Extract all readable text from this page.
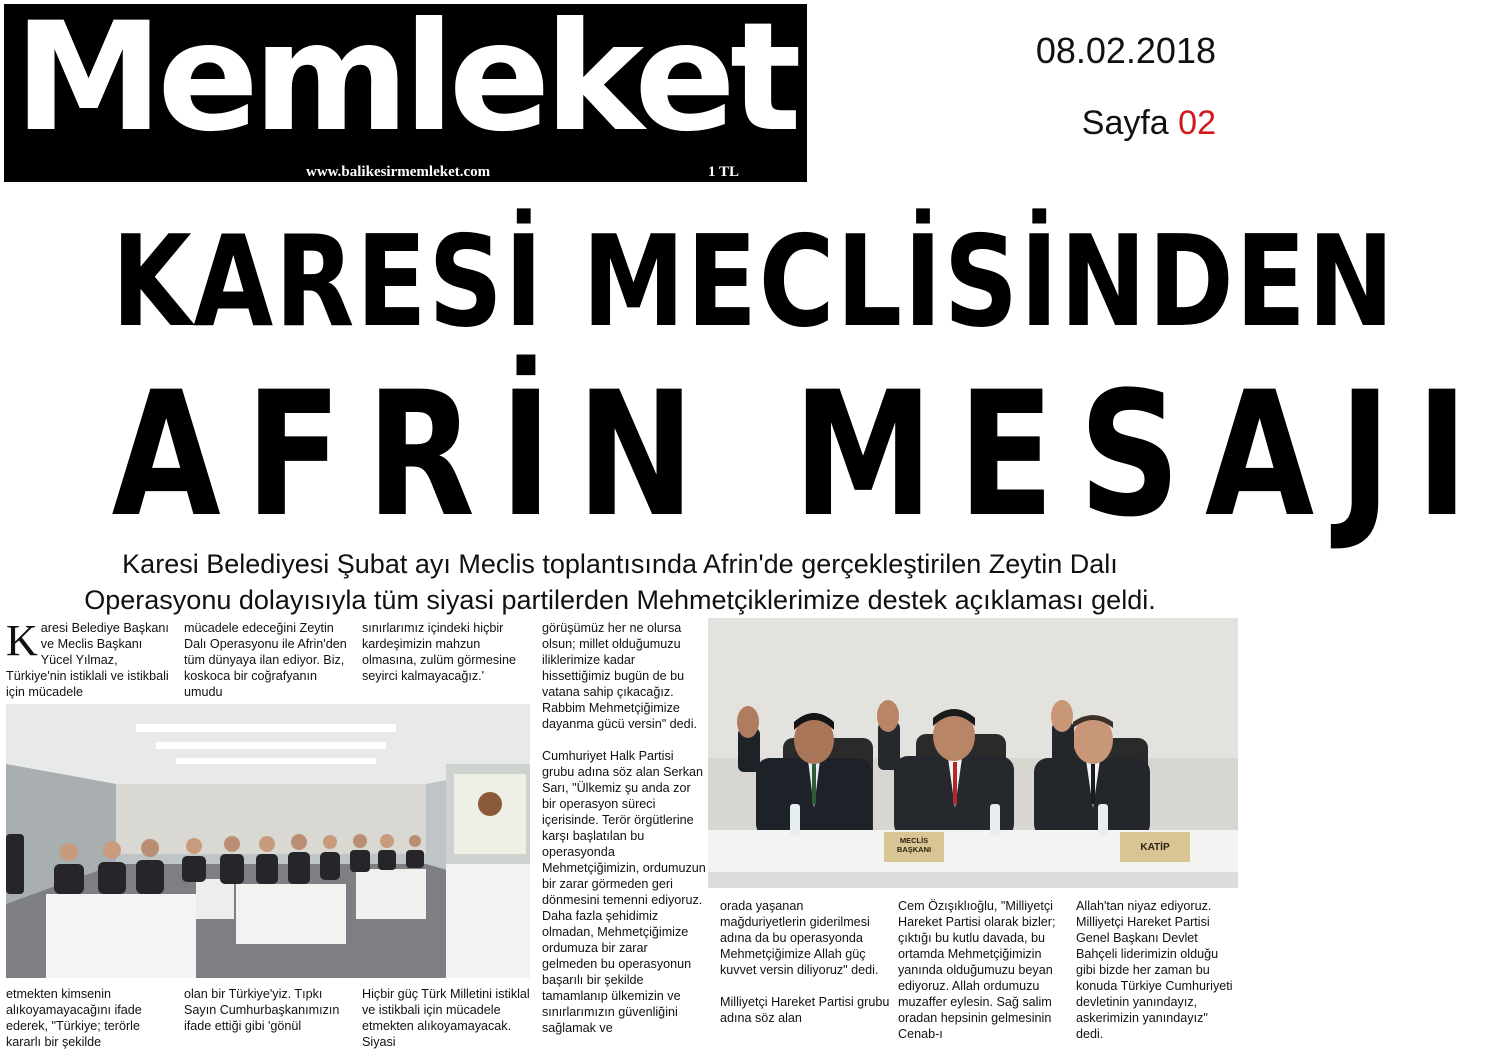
Memleket
www.balikesirmemleket.com	1 TL
08.02.2018
Sayfa 02
KARESİ MECLİSİNDEN
AFRİN MESAJI
Karesi Belediyesi Şubat ayı Meclis toplantısında Afrin'de gerçekleştirilen Zeytin Dalı
Operasyonu dolayısıyla tüm siyasi partilerden Mehmetçiklerimize destek açıklaması geldi.
K aresi Belediye Başkanı ve Meclis Başkanı Yücel Yılmaz, Türkiye'nin istiklali ve istikbali için mücadele
mücadele edeceğini Zeytin Dalı Operasyonu ile Afrin'den tüm dünyaya ilan ediyor. Biz, koskoca bir coğrafyanın umudu
sınırlarımız içindeki hiçbir kardeşimizin mahzun olmasına, zulüm görmesine seyirci kalmayacağız.'

görüşümüz her ne olursa olsun; millet olduğumuzu iliklerimize kadar hissettiğimiz bugün de bu vatana sahip çıkacağız. Rabbim Mehmetçiğimize dayanma gücü versin" dedi.

Cumhuriyet Halk Partisi grubu adına söz alan Serkan Sarı, "Ülkemiz şu anda zor bir operasyon süreci içerisinde. Terör örgütlerine karşı başlatılan bu operasyonda Mehmetçiğimizin, ordumuzun bir zarar görmeden geri dönmesini temenni ediyoruz. Daha fazla şehidimiz olmadan, Mehmetçiğimize ordumuza bir zarar gelmeden bu operasyonun başarılı bir şekilde tamamlanıp ülkemizin ve sınırlarımızın güvenliğini sağlamak ve

MECLİS BAŞKANI	KATİP
etmekten kimsenin alıkoyamayacağını ifade ederek, "Türkiye; terörle kararlı bir şekilde
olan bir Türkiye'yiz. Tıpkı Sayın Cumhurbaşkanımızın ifade ettiği gibi 'gönül
Hiçbir güç Türk Milletini istiklal ve istikbali için mücadele etmekten alıkoyamayacak. Siyasi

orada yaşanan mağduriyetlerin giderilmesi adına da bu operasyonda Mehmetçiğimize Allah güç kuvvet versin diliyoruz" dedi.

Milliyetçi Hareket Partisi grubu adına söz alan

Cem Özışıklıoğlu, "Milliyetçi Hareket Partisi olarak bizler; çıktığı bu kutlu davada, bu ortamda Mehmetçiğimizin yanında olduğumuzu beyan ediyoruz. Allah ordumuzu muzaffer eylesin. Sağ salim oradan hepsinin gelmesinin Cenab-ı
Allah'tan niyaz ediyoruz. Milliyetçi Hareket Partisi Genel Başkanı Devlet Bahçeli liderimizin olduğu gibi bizde her zaman bu konuda Türkiye Cumhuriyeti devletinin yanındayız, askerimizin yanındayız" dedi.
